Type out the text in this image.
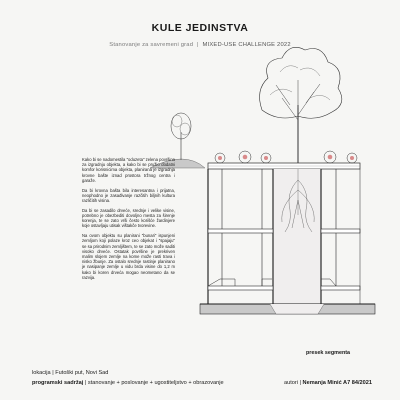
KULE JEDINSTVA
Stanovanje za savremeni grad | MIXED-USE CHALLENGE 2022

Kako bi se nadomestila "oduzeta" zelena površina za izgradnju objekta, a kako bi se pružio dodatni komfor korisnicima objekta, planirana je izgradnja krovne bašte iznad prostora tržnog centra i garaže.

Da bi krovna bašta bila interesantna i prijatna, neophodno je zasađivanje razčitih biljnih kultura različitih visina.

Da bi se zasadilo drveće, srednje i velike visine, potrebno je obezbediti dovoljno mesta za širenje korenja, te se zato vrši često korišće žardinjere koje ostavljaju utisak vištakče tvorevine.

Na ovom objektu su planirani "bunari" ispunjeni zemljom koji polaze kroz ceo objekat i "spajaju" se sa prirodnim zemljištem, te se zato može saditi visoko drveće. Ostatak površine je prekriven malim slojem zemlje na kome može rasti trava i nisko žbunje. Za ostalo srednje rastinje planirano je nasipanje zemlje u vidu brda visine do 1,2 m kako bi koren drveća mogao neometano da se razvija.

presek segmenta
lokacija | Futoški put, Novi Sad
programski sadržaj | stanovanje + poslovanje + ugostiteljstvo + obrazovanje	autori | Nemanja Minić A7 84/2021
